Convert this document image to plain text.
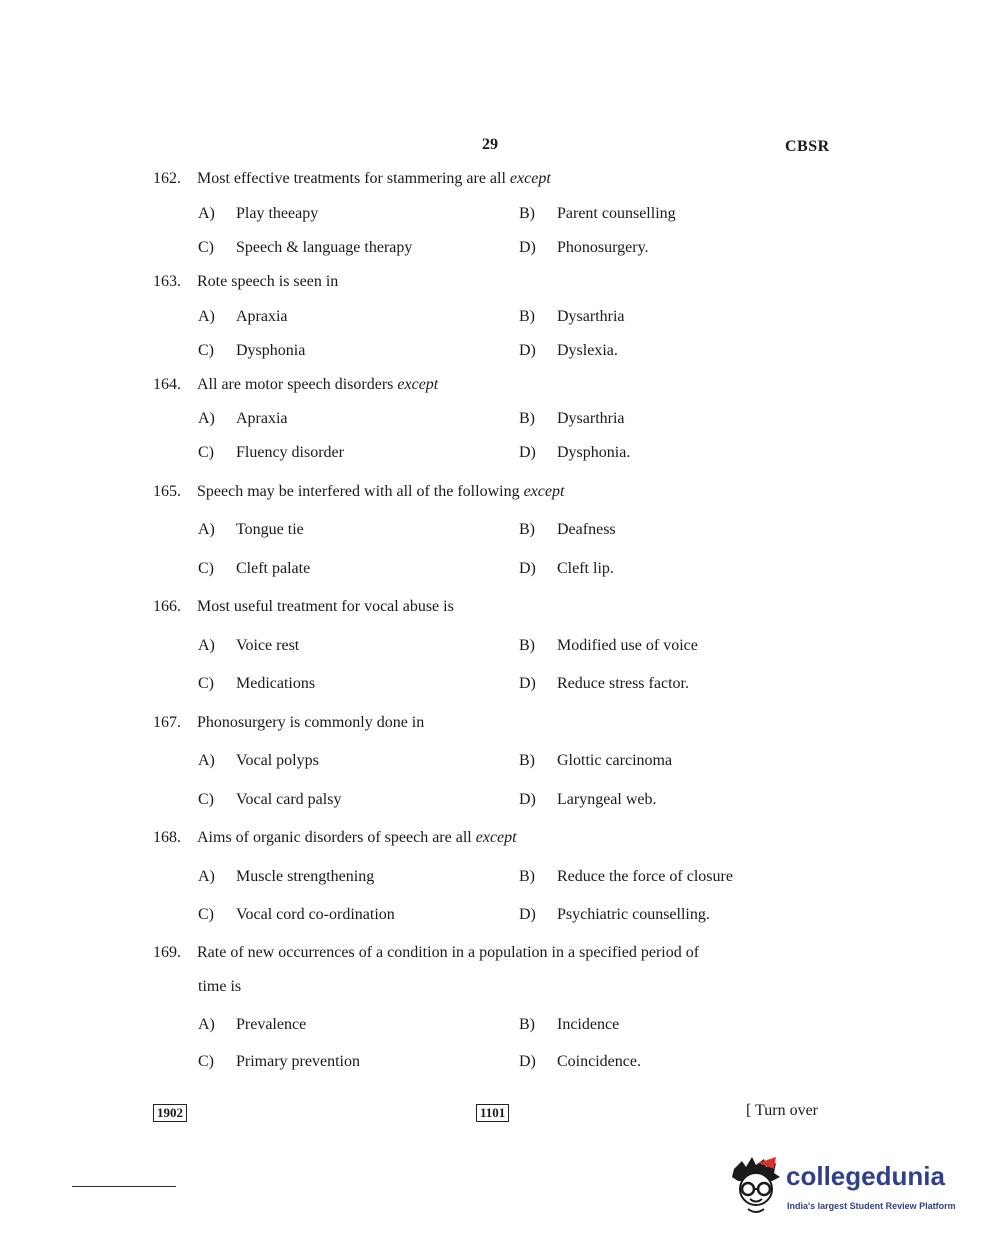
29	CBSR
162. Most effective treatments for stammering are all except
A) Play theeapy	B) Parent counselling
C) Speech & language therapy	D) Phonosurgery.
163. Rote speech is seen in
A) Apraxia	B) Dysarthria
C) Dysphonia	D) Dyslexia.
164. All are motor speech disorders except
A) Apraxia	B) Dysarthria
C) Fluency disorder	D) Dysphonia.
165. Speech may be interfered with all of the following except
A) Tongue tie	B) Deafness
C) Cleft palate	D) Cleft lip.
166. Most useful treatment for vocal abuse is
A) Voice rest	B) Modified use of voice
C) Medications	D) Reduce stress factor.
167. Phonosurgery is commonly done in
A) Vocal polyps	B) Glottic carcinoma
C) Vocal card palsy	D) Laryngeal web.
168. Aims of organic disorders of speech are all except
A) Muscle strengthening	B) Reduce the force of closure
C) Vocal cord co-ordination	D) Psychiatric counselling.
169. Rate of new occurrences of a condition in a population in a specified period of
time is
A) Prevalence	B) Incidence
C) Primary prevention	D) Coincidence.
1902	1101	[ Turn over
collegedunia
India's largest Student Review Platform
